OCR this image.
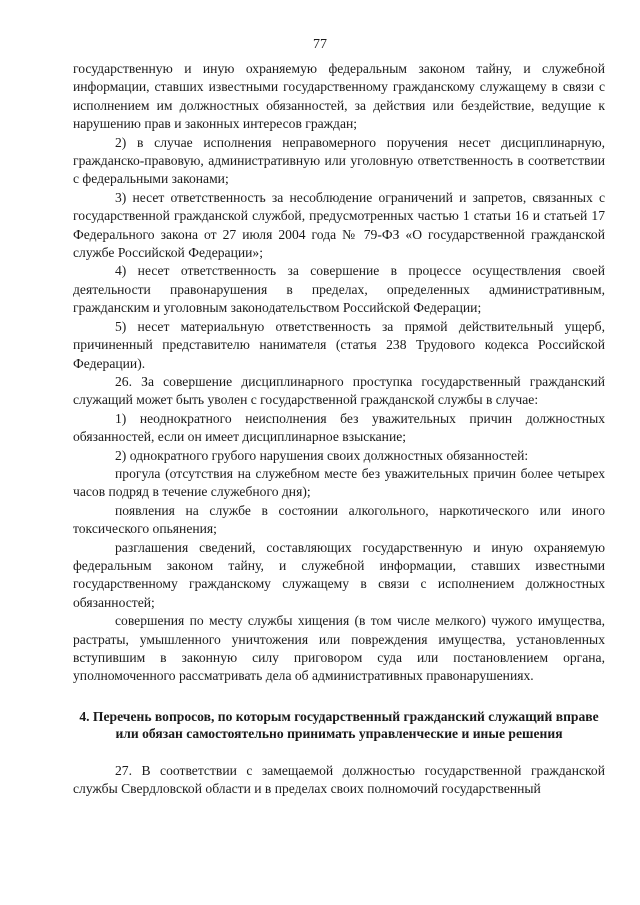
77

государственную и иную охраняемую федеральным законом тайну, и служебной информации, ставших известными государственному гражданскому служащему в связи с исполнением им должностных обязанностей, за действия или бездействие, ведущие к нарушению прав и законных интересов граждан;

2) в случае исполнения неправомерного поручения несет дисциплинарную, гражданско-правовую, административную или уголовную ответственность в соответствии с федеральными законами;

3) несет ответственность за несоблюдение ограничений и запретов, связанных с государственной гражданской службой, предусмотренных частью 1 статьи 16 и статьей 17 Федерального закона от 27 июля 2004 года № 79-ФЗ «О государственной гражданской службе Российской Федерации»;

4) несет ответственность за совершение в процессе осуществления своей деятельности правонарушения в пределах, определенных административным, гражданским и уголовным законодательством Российской Федерации;

5) несет материальную ответственность за прямой действительный ущерб, причиненный представителю нанимателя (статья 238 Трудового кодекса Российской Федерации).

26. За совершение дисциплинарного проступка государственный гражданский служащий может быть уволен с государственной гражданской службы в случае:

1) неоднократного неисполнения без уважительных причин должностных обязанностей, если он имеет дисциплинарное взыскание;

2) однократного грубого нарушения своих должностных обязанностей:

прогула (отсутствия на служебном месте без уважительных причин более четырех часов подряд в течение служебного дня);

появления на службе в состоянии алкогольного, наркотического или иного токсического опьянения;

разглашения сведений, составляющих государственную и иную охраняемую федеральным законом тайну, и служебной информации, ставших известными государственному гражданскому служащему в связи с исполнением должностных обязанностей;

совершения по месту службы хищения (в том числе мелкого) чужого имущества, растраты, умышленного уничтожения или повреждения имущества, установленных вступившим в законную силу приговором суда или постановлением органа, уполномоченного рассматривать дела об административных правонарушениях.

4. Перечень вопросов, по которым государственный гражданский служащий вправе или обязан самостоятельно принимать управленческие и иные решения

27. В соответствии с замещаемой должностью государственной гражданской службы Свердловской области и в пределах своих полномочий государственный
